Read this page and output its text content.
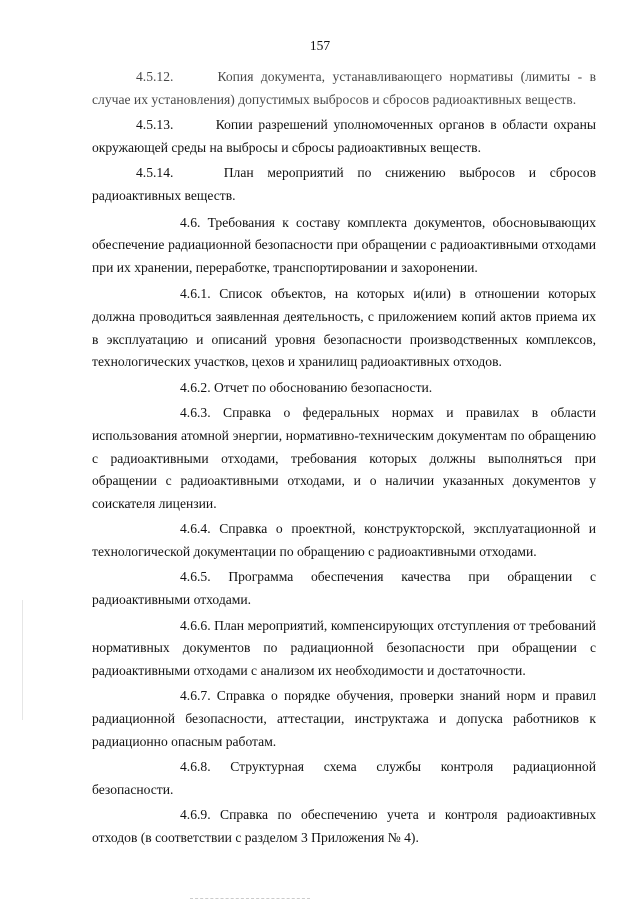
157

4.5.12.	Копия документа, устанавливающего нормативы (лимиты - в случае их установления) допустимых выбросов и сбросов радиоактивных веществ.

4.5.13.	Копии разрешений уполномоченных органов в области охраны окружающей среды на выбросы и сбросы радиоактивных веществ.

4.5.14.	План мероприятий по снижению выбросов и сбросов радиоактивных веществ.

4.6. Требования к составу комплекта документов, обосновывающих обеспечение радиационной безопасности при обращении с радиоактивными отходами при их хранении, переработке, транспортировании и захоронении.

4.6.1. Список объектов, на которых и(или) в отношении которых должна проводиться заявленная деятельность, с приложением копий актов приема их в эксплуатацию и описаний уровня безопасности производственных комплексов, технологических участков, цехов и хранилищ радиоактивных отходов.

4.6.2. Отчет по обоснованию безопасности.

4.6.3. Справка о федеральных нормах и правилах в области использования атомной энергии, нормативно-техническим документам по обращению с радиоактивными отходами, требования которых должны выполняться при обращении с радиоактивными отходами, и о наличии указанных документов у соискателя лицензии.

4.6.4. Справка о проектной, конструкторской, эксплуатационной и технологической документации по обращению с радиоактивными отходами.

4.6.5. Программа обеспечения качества при обращении с радиоактивными отходами.

4.6.6. План мероприятий, компенсирующих отступления от требований нормативных документов по радиационной безопасности при обращении с радиоактивными отходами с анализом их необходимости и достаточности.

4.6.7. Справка о порядке обучения, проверки знаний норм и правил радиационной безопасности, аттестации, инструктажа и допуска работников к радиационно опасным работам.

4.6.8. Структурная схема службы контроля радиационной безопасности.

4.6.9. Справка по обеспечению учета и контроля радиоактивных отходов (в соответствии с разделом 3 Приложения № 4).
